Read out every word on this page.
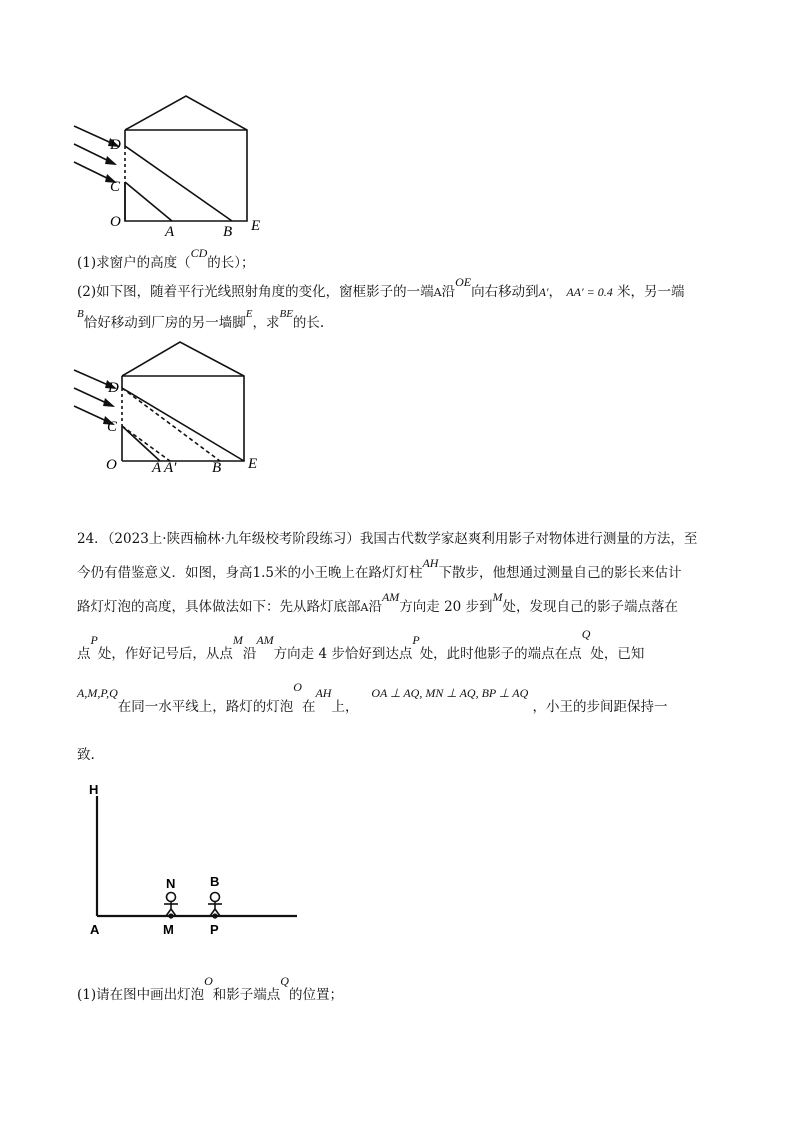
D
C
O
A	B E
(1)求窗户的高度（CD的长）；
(2)如下图，随着平行光线照射角度的变化，窗框影子的一端A沿OE向右移动到A′， AA′ = 0.4 米，另一端
$^B$恰好移动到厂房的另一墙脚$^E$，求$^{BE}$的长.
D
C
O A A′ B E
24．（2023上·陕西榆林·九年级校考阶段练习）我国古代数学家赵爽利用影子对物体进行测量的方法，至
今仍有借鉴意义．如图，身高1.5米的小王晚上在路灯灯柱AH下散步，他想通过测量自己的影长来估计
路灯灯泡的高度，具体做法如下：先从路灯底部A沿AM方向走 20 步到M处，发现自己的影子端点落在
点P处，作好记号后，从点M沿AM方向走 4 步恰好到达点P处，此时他影子的端点在点Q处，已知
A,M,P,Q在同一水平线上，路灯的灯泡O在AH上，   OA ⊥ AQ, MN ⊥ AQ, BP ⊥ AQ ，小王的步间距保持一
致.
H
A
N
M
B
P
(1)请在图中画出灯泡O和影子端点Q的位置；
